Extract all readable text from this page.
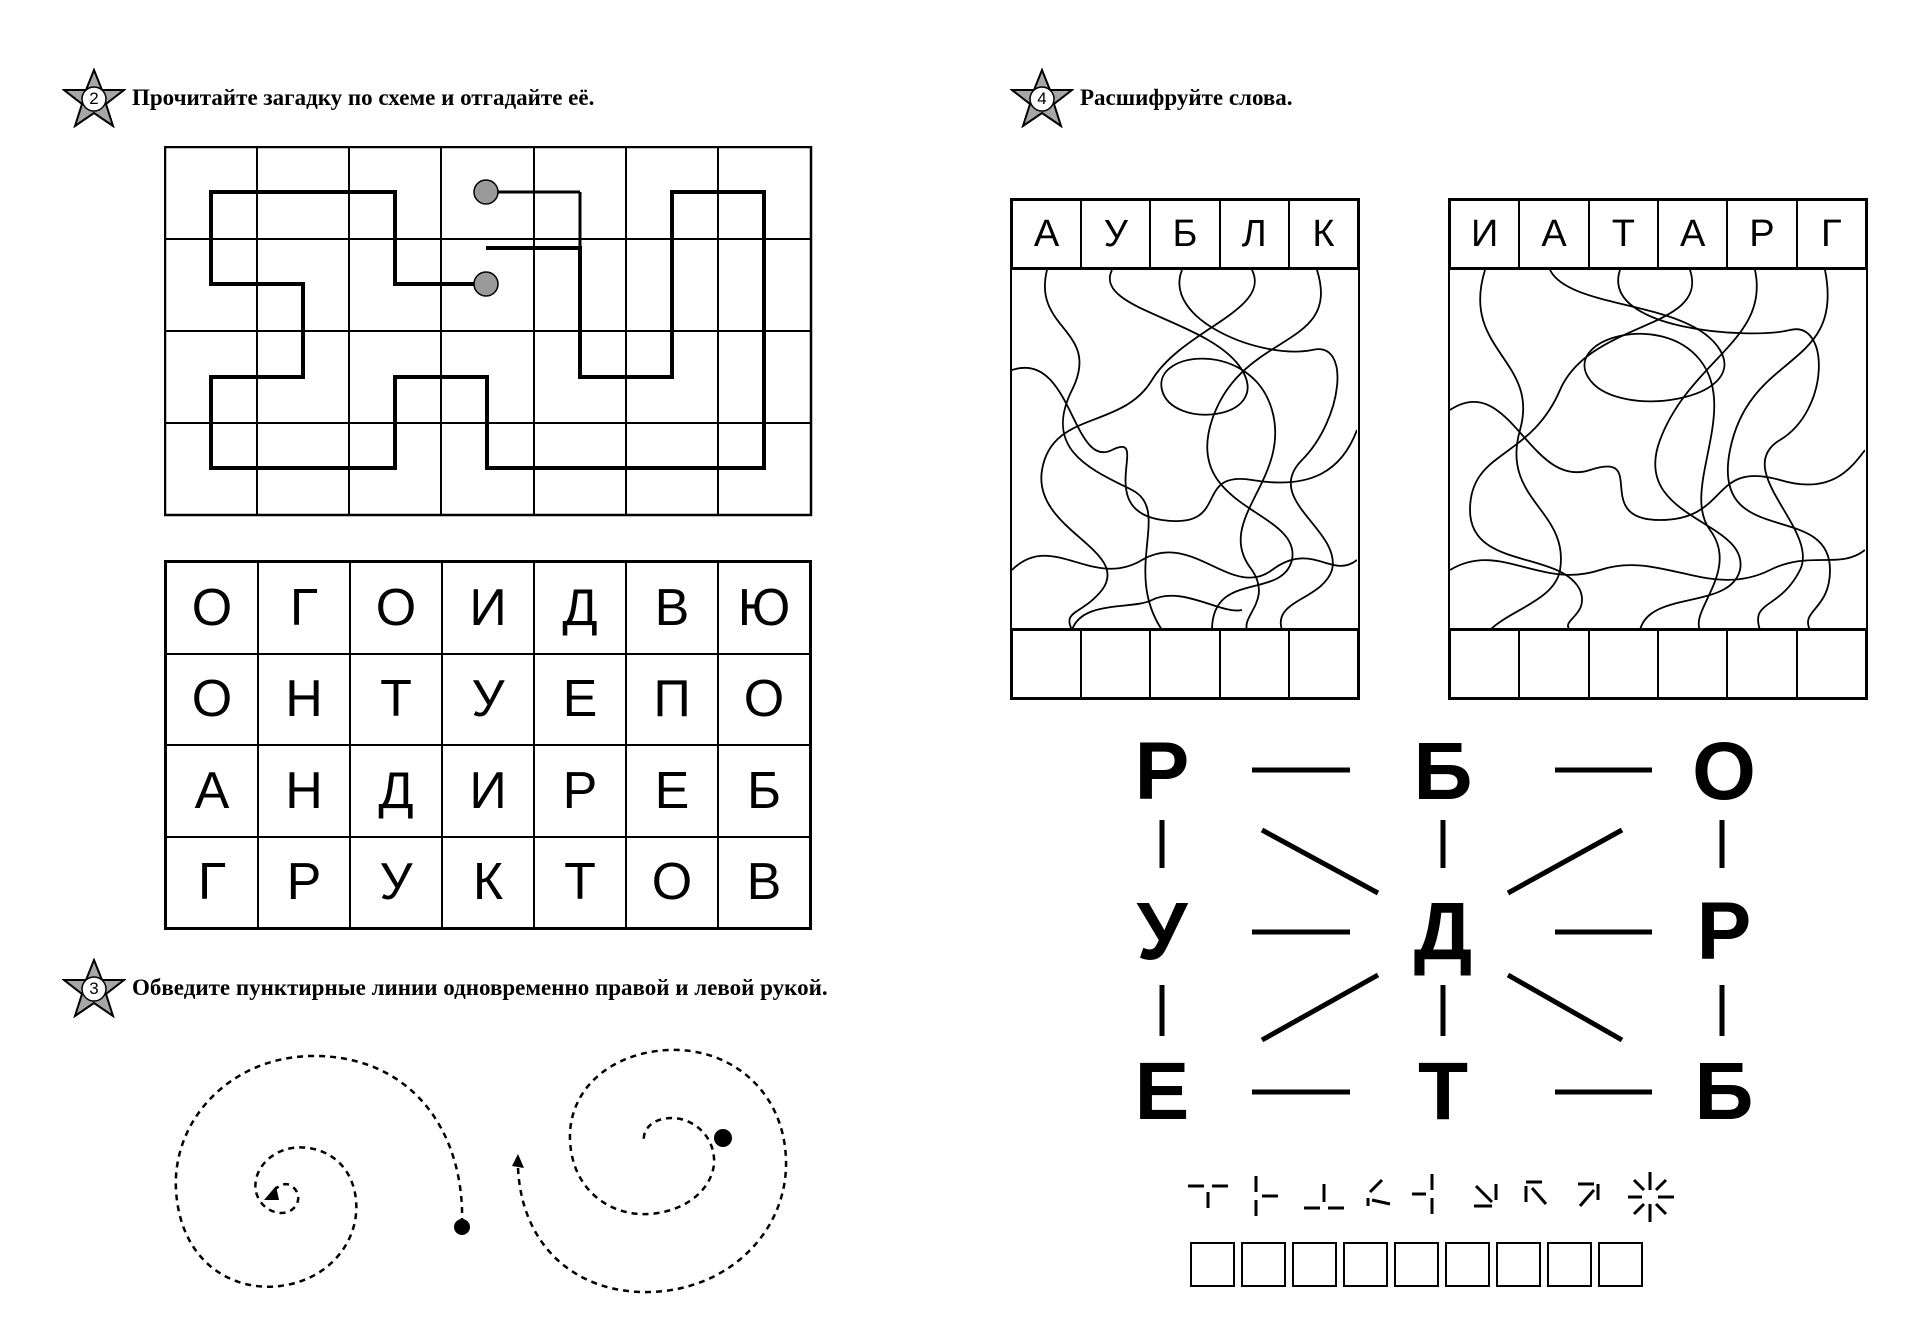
2	Прочитайте загадку по схеме и отгадайте её.
О	Г	О	И	Д	В Ю
О	Н	Т	У	Е	П	О
А	Н	Д	И	Р	Е	Б
Г	Р	У	К	Т	О	В
3	Обведите пунктирные линии одновременно правой и левой рукой.
4	Расшифруйте слова.
А	У	Б	Л	К	И	А	Т	А	Р	Г
Р	Б	О
У	Д	Р
Е	Т	Б
